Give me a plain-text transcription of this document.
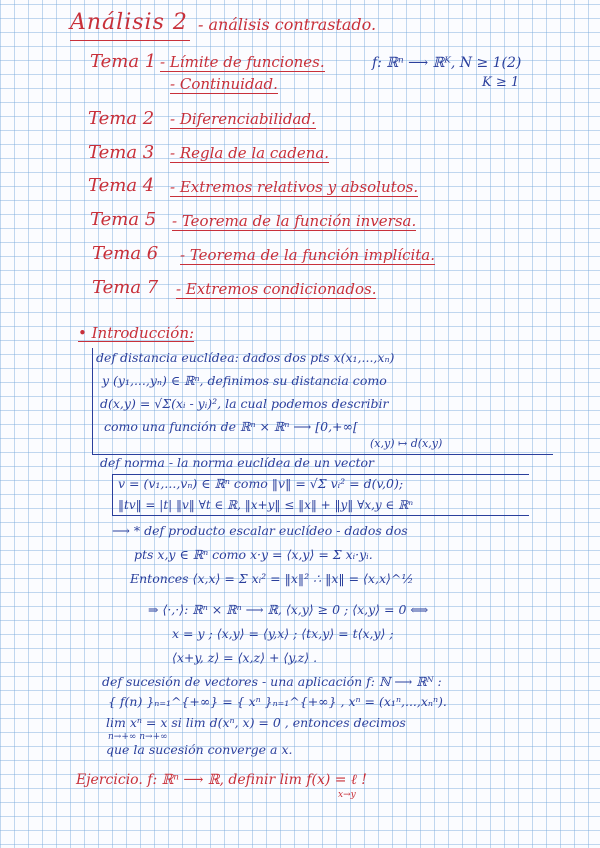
Análisis 2 - análisis contrastado.
Tema 1 - Límite de funciones.
- Continuidad.
f: ℝⁿ ⟶ ℝᴷ, N ≥ 1(2)
K ≥ 1
Tema 2 - Diferenciabilidad.
Tema 3 - Regla de la cadena.
Tema 4 - Extremos relativos y absolutos.
Tema 5 - Teorema de la función inversa.
Tema 6 - Teorema de la función implícita.
Tema 7 - Extremos condicionados.
• Introducción:
def distancia euclídea: dados dos pts x(x₁,...,xₙ)
y (y₁,...,yₙ) ∈ ℝⁿ, definimos su distancia como
d(x,y) = √Σ(xᵢ - yᵢ)², la cual podemos describir
como una función de ℝⁿ × ℝⁿ ⟶ [0,+∞[
(x,y) ↦ d(x,y)
def norma - la norma euclídea de un vector
v = (v₁,...,vₙ) ∈ ℝⁿ como ‖v‖ = √Σ vᵢ² = d(v,0);
‖tv‖ = |t| ‖v‖ ∀t ∈ ℝ, ‖x+y‖ ≤ ‖x‖ + ‖y‖ ∀x,y ∈ ℝⁿ
⟶ * def producto escalar euclídeo - dados dos
pts x,y ∈ ℝⁿ como x·y = ⟨x,y⟩ = Σ xᵢ·yᵢ.
Entonces ⟨x,x⟩ = Σ xᵢ² = ‖x‖² ∴ ‖x‖ = ⟨x,x⟩^½
⇒ ⟨·,·⟩: ℝⁿ × ℝⁿ ⟶ ℝ, ⟨x,y⟩ ≥ 0 ; ⟨x,y⟩ = 0 ⟺
x = y ; ⟨x,y⟩ = ⟨y,x⟩ ; ⟨tx,y⟩ = t⟨x,y⟩ ;
⟨x+y, z⟩ = ⟨x,z⟩ + ⟨y,z⟩ .
def sucesión de vectores - una aplicación f: ℕ ⟶ ℝᴺ :
{ f(n) }ₙ₌₁^{+∞} = { xⁿ }ₙ₌₁^{+∞} , xⁿ = (x₁ⁿ,...,xₙⁿ).
lim xⁿ = x si lim d(xⁿ, x) = 0 , entonces decimos
n→+∞ n→+∞
que la sucesión converge a x.
Ejercicio. f: ℝⁿ ⟶ ℝ, definir lim f(x) = ℓ !
x→y
